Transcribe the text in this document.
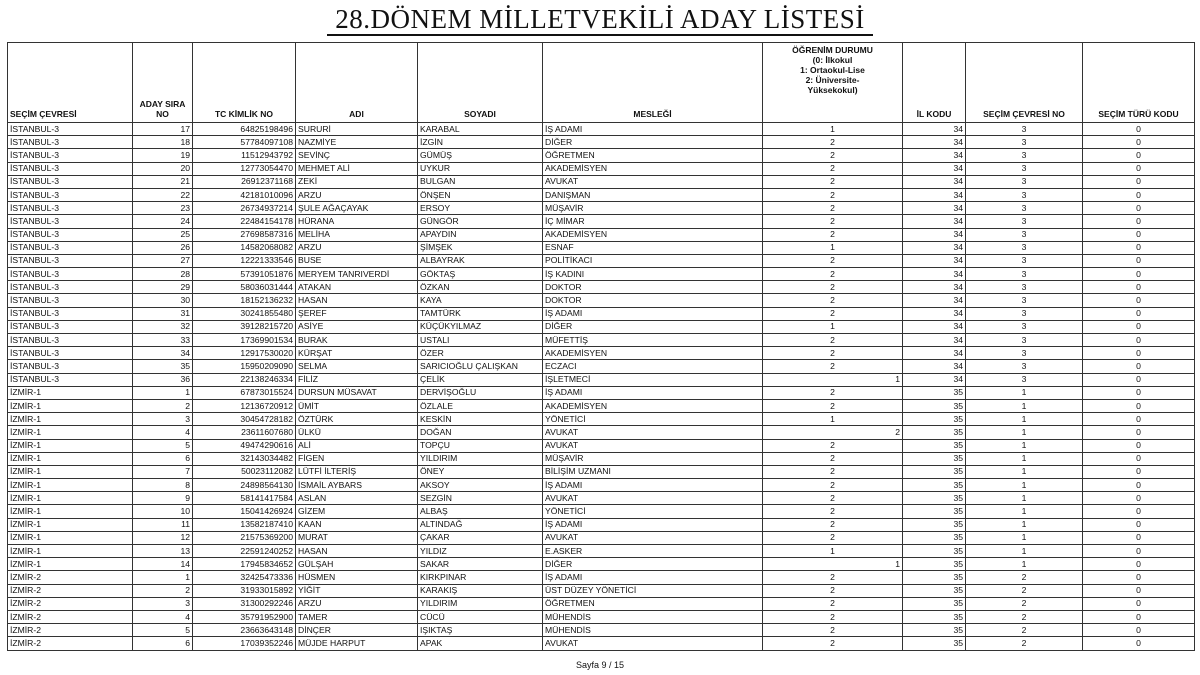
28.DÖNEM MİLLETVEKİLİ ADAY LİSTESİ
SEÇİM ÇEVRESİ	ADAY SIRA NO	TC KİMLİK NO	ADI	SOYADI	MESLEĞİ	ÖĞRENİM DURUMU
(0: İlkokul
1: Ortaokul-Lise
2: Üniversite-
Yüksekokul)	İL KODU	SEÇİM ÇEVRESİ NO	SEÇİM TÜRÜ KODU
İSTANBUL-3	17	64825198496	SURURİ	KARABAL	İŞ ADAMI	1	34	3	0
İSTANBUL-3	18	57784097108	NAZMİYE	İZGİN	DİĞER	2	34	3	0
İSTANBUL-3	19	11512943792	SEVİNÇ	GÜMÜŞ	ÖĞRETMEN	2	34	3	0
İSTANBUL-3	20	12773054470	MEHMET ALİ	UYKUR	AKADEMİSYEN	2	34	3	0
İSTANBUL-3	21	26912371168	ZEKİ	BULGAN	AVUKAT	2	34	3	0
İSTANBUL-3	22	42181010096	ARZU	ÖNŞEN	DANIŞMAN	2	34	3	0
İSTANBUL-3	23	26734937214	ŞULE AĞAÇAYAK	ERSOY	MÜŞAVİR	2	34	3	0
İSTANBUL-3	24	22484154178	HÜRANA	GÜNGÖR	İÇ MİMAR	2	34	3	0
İSTANBUL-3	25	27698587316	MELİHA	APAYDIN	AKADEMİSYEN	2	34	3	0
İSTANBUL-3	26	14582068082	ARZU	ŞİMŞEK	ESNAF	1	34	3	0
İSTANBUL-3	27	12221333546	BUSE	ALBAYRAK	POLİTİKACI	2	34	3	0
İSTANBUL-3	28	57391051876	MERYEM TANRIVERDİ	GÖKTAŞ	İŞ KADINI	2	34	3	0
İSTANBUL-3	29	58036031444	ATAKAN	ÖZKAN	DOKTOR	2	34	3	0
İSTANBUL-3	30	18152136232	HASAN	KAYA	DOKTOR	2	34	3	0
İSTANBUL-3	31	30241855480	ŞEREF	TAMTÜRK	İŞ ADAMI	2	34	3	0
İSTANBUL-3	32	39128215720	ASİYE	KÜÇÜKYILMAZ	DİĞER	1	34	3	0
İSTANBUL-3	33	17369901534	BURAK	USTALI	MÜFETTİŞ	2	34	3	0
İSTANBUL-3	34	12917530020	KÜRŞAT	ÖZER	AKADEMİSYEN	2	34	3	0
İSTANBUL-3	35	15950209090	SELMA	SARICIOĞLU ÇALIŞKAN	ECZACI	2	34	3	0
İSTANBUL-3	36	22138246334	FİLİZ	ÇELİK	İŞLETMECİ	1	34	3	0
İZMİR-1	1	67873015524	DURSUN MÜSAVAT	DERVİŞOĞLU	İŞ ADAMI	2	35	1	0
İZMİR-1	2	12136720912	ÜMİT	ÖZLALE	AKADEMİSYEN	2	35	1	0
İZMİR-1	3	30454728182	ÖZTÜRK	KESKİN	YÖNETİCİ	1	35	1	0
İZMİR-1	4	23611607680	ÜLKÜ	DOĞAN	AVUKAT	2	35	1	0
İZMİR-1	5	49474290616	ALİ	TOPÇU	AVUKAT	2	35	1	0
İZMİR-1	6	32143034482	FİGEN	YILDIRIM	MÜŞAVİR	2	35	1	0
İZMİR-1	7	50023112082	LÜTFİ İLTERİŞ	ÖNEY	BİLİŞİM UZMANI	2	35	1	0
İZMİR-1	8	24898564130	İSMAİL AYBARS	AKSOY	İŞ ADAMI	2	35	1	0
İZMİR-1	9	58141417584	ASLAN	SEZGİN	AVUKAT	2	35	1	0
İZMİR-1	10	15041426924	GİZEM	ALBAŞ	YÖNETİCİ	2	35	1	0
İZMİR-1	11	13582187410	KAAN	ALTINDAĞ	İŞ ADAMI	2	35	1	0
İZMİR-1	12	21575369200	MURAT	ÇAKAR	AVUKAT	2	35	1	0
İZMİR-1	13	22591240252	HASAN	YILDIZ	E.ASKER	1	35	1	0
İZMİR-1	14	17945834652	GÜLŞAH	SAKAR	DİĞER	1	35	1	0
İZMİR-2	1	32425473336	HÜSMEN	KIRKPINAR	İŞ ADAMI	2	35	2	0
İZMİR-2	2	31933015892	YİĞİT	KARAKIŞ	ÜST DÜZEY YÖNETİCİ	2	35	2	0
İZMİR-2	3	31300292246	ARZU	YILDIRIM	ÖĞRETMEN	2	35	2	0
İZMİR-2	4	35791952900	TAMER	CÜCÜ	MÜHENDİS	2	35	2	0
İZMİR-2	5	23663643148	DİNÇER	IŞIKTAŞ	MÜHENDİS	2	35	2	0
İZMİR-2	6	17039352246	MÜJDE HARPUT	APAK	AVUKAT	2	35	2	0
Sayfa 9 / 15
